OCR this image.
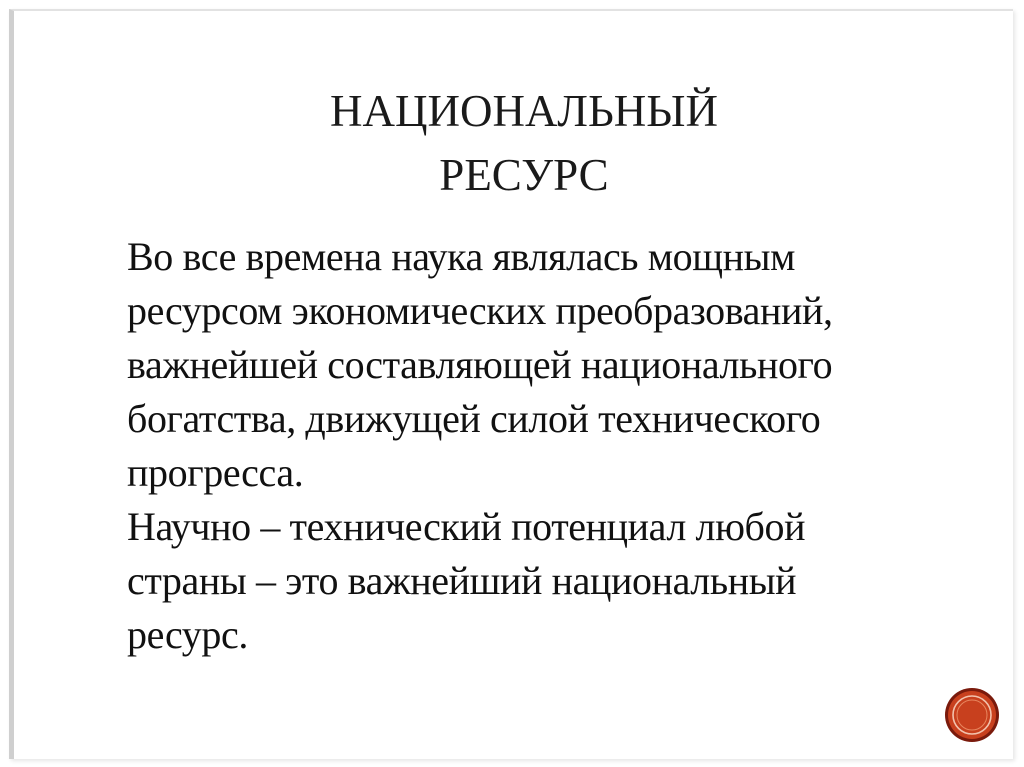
НАЦИОНАЛЬНЫЙ
РЕСУРС
Во все времена наука являлась мощным
ресурсом экономических преобразований,
важнейшей составляющей национального
богатства, движущей силой технического
прогресса.
Научно – технический потенциал любой
страны – это важнейший национальный
ресурс.
